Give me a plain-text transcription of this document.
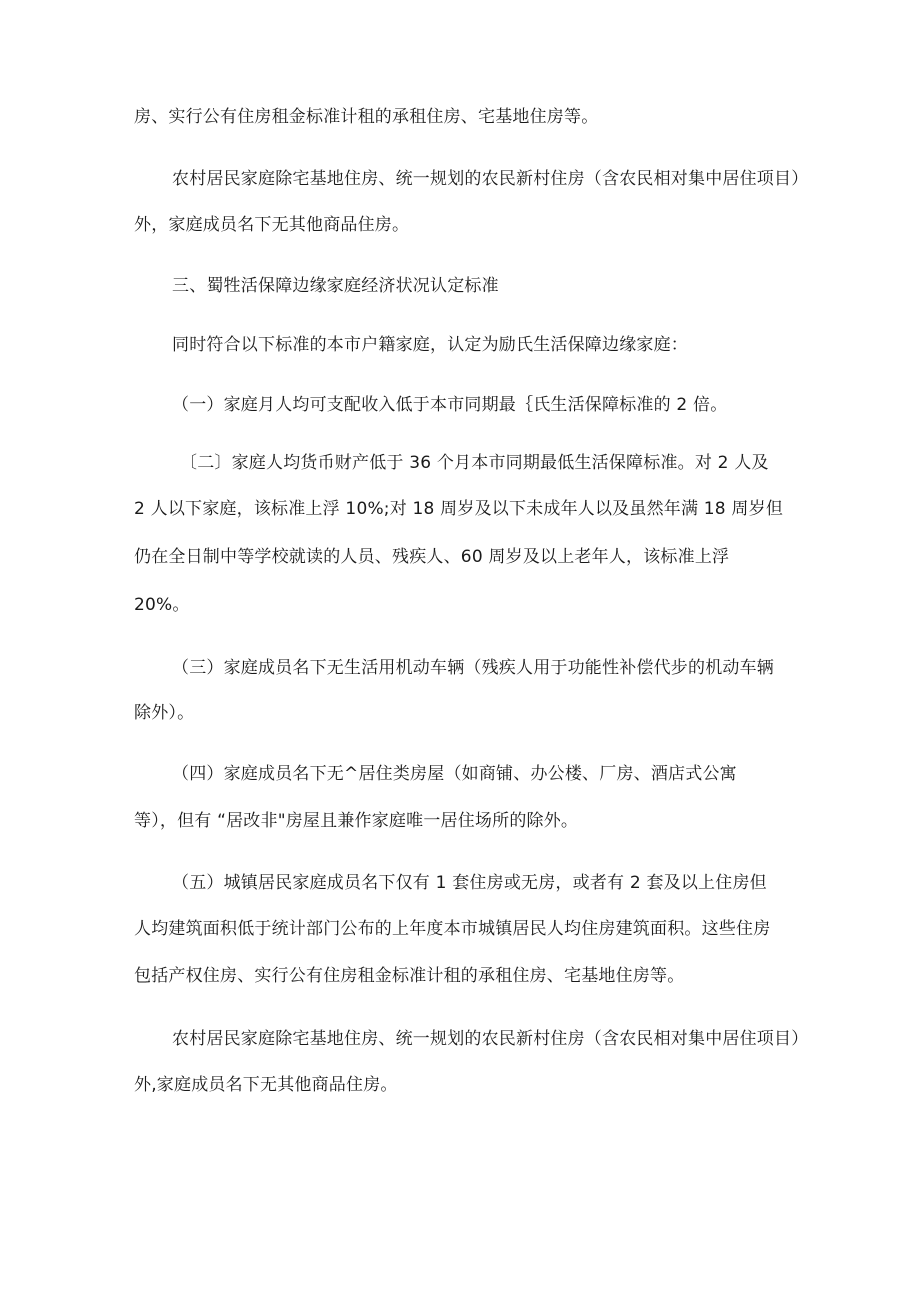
房、实行公有住房租金标准计租的承租住房、宅基地住房等。
农村居民家庭除宅基地住房、统一规划的农民新村住房（含农民相对集中居住项目）
外，家庭成员名下无其他商品住房。
三、蜀牲活保障边缘家庭经济状况认定标准
同时符合以下标准的本市户籍家庭，认定为励氏生活保障边缘家庭：
（一）家庭月人均可支配收入低于本市同期最｛氏生活保障标准的 2 倍。
〔二〕家庭人均货币财产低于 36 个月本市同期最低生活保障标准。对 2 人及
2 人以下家庭，该标准上浮 10%;对 18 周岁及以下未成年人以及虽然年满 18 周岁但
仍在全日制中等学校就读的人员、残疾人、60 周岁及以上老年人，该标准上浮
20%。
（三）家庭成员名下无生活用机动车辆（残疾人用于功能性补偿代步的机动车辆
除外）。
（四）家庭成员名下无^居住类房屋（如商铺、办公楼、厂房、酒店式公寓
等），但有 “居改非"房屋且兼作家庭唯一居住场所的除外。
（五）城镇居民家庭成员名下仅有 1 套住房或无房，或者有 2 套及以上住房但
人均建筑面积低于统计部门公布的上年度本市城镇居民人均住房建筑面积。这些住房
包括产权住房、实行公有住房租金标准计租的承租住房、宅基地住房等。
农村居民家庭除宅基地住房、统一规划的农民新村住房（含农民相对集中居住项目）
外,家庭成员名下无其他商品住房。
